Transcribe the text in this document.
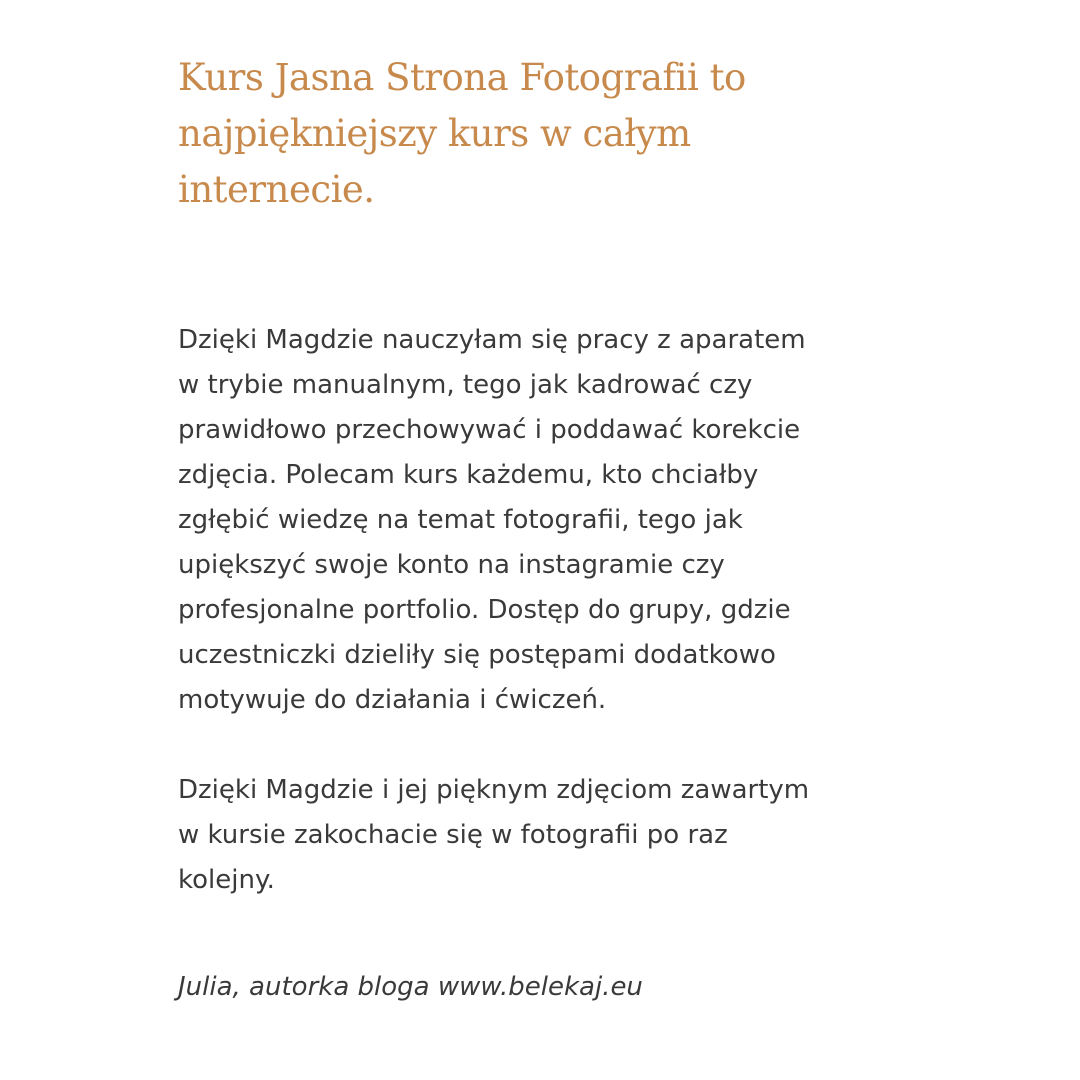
Kurs Jasna Strona Fotografii to
najpiękniejszy kurs w całym
internecie.

Dzięki Magdzie nauczyłam się pracy z aparatem
w trybie manualnym, tego jak kadrować czy
prawidłowo przechowywać i poddawać korekcie
zdjęcia. Polecam kurs każdemu, kto chciałby
zgłębić wiedzę na temat fotografii, tego jak
upiększyć swoje konto na instagramie czy
profesjonalne portfolio. Dostęp do grupy, gdzie
uczestniczki dzieliły się postępami dodatkowo
motywuje do działania i ćwiczeń.

Dzięki Magdzie i jej pięknym zdjęciom zawartym
w kursie zakochacie się w fotografii po raz
kolejny.

Julia, autorka bloga www.belekaj.eu
